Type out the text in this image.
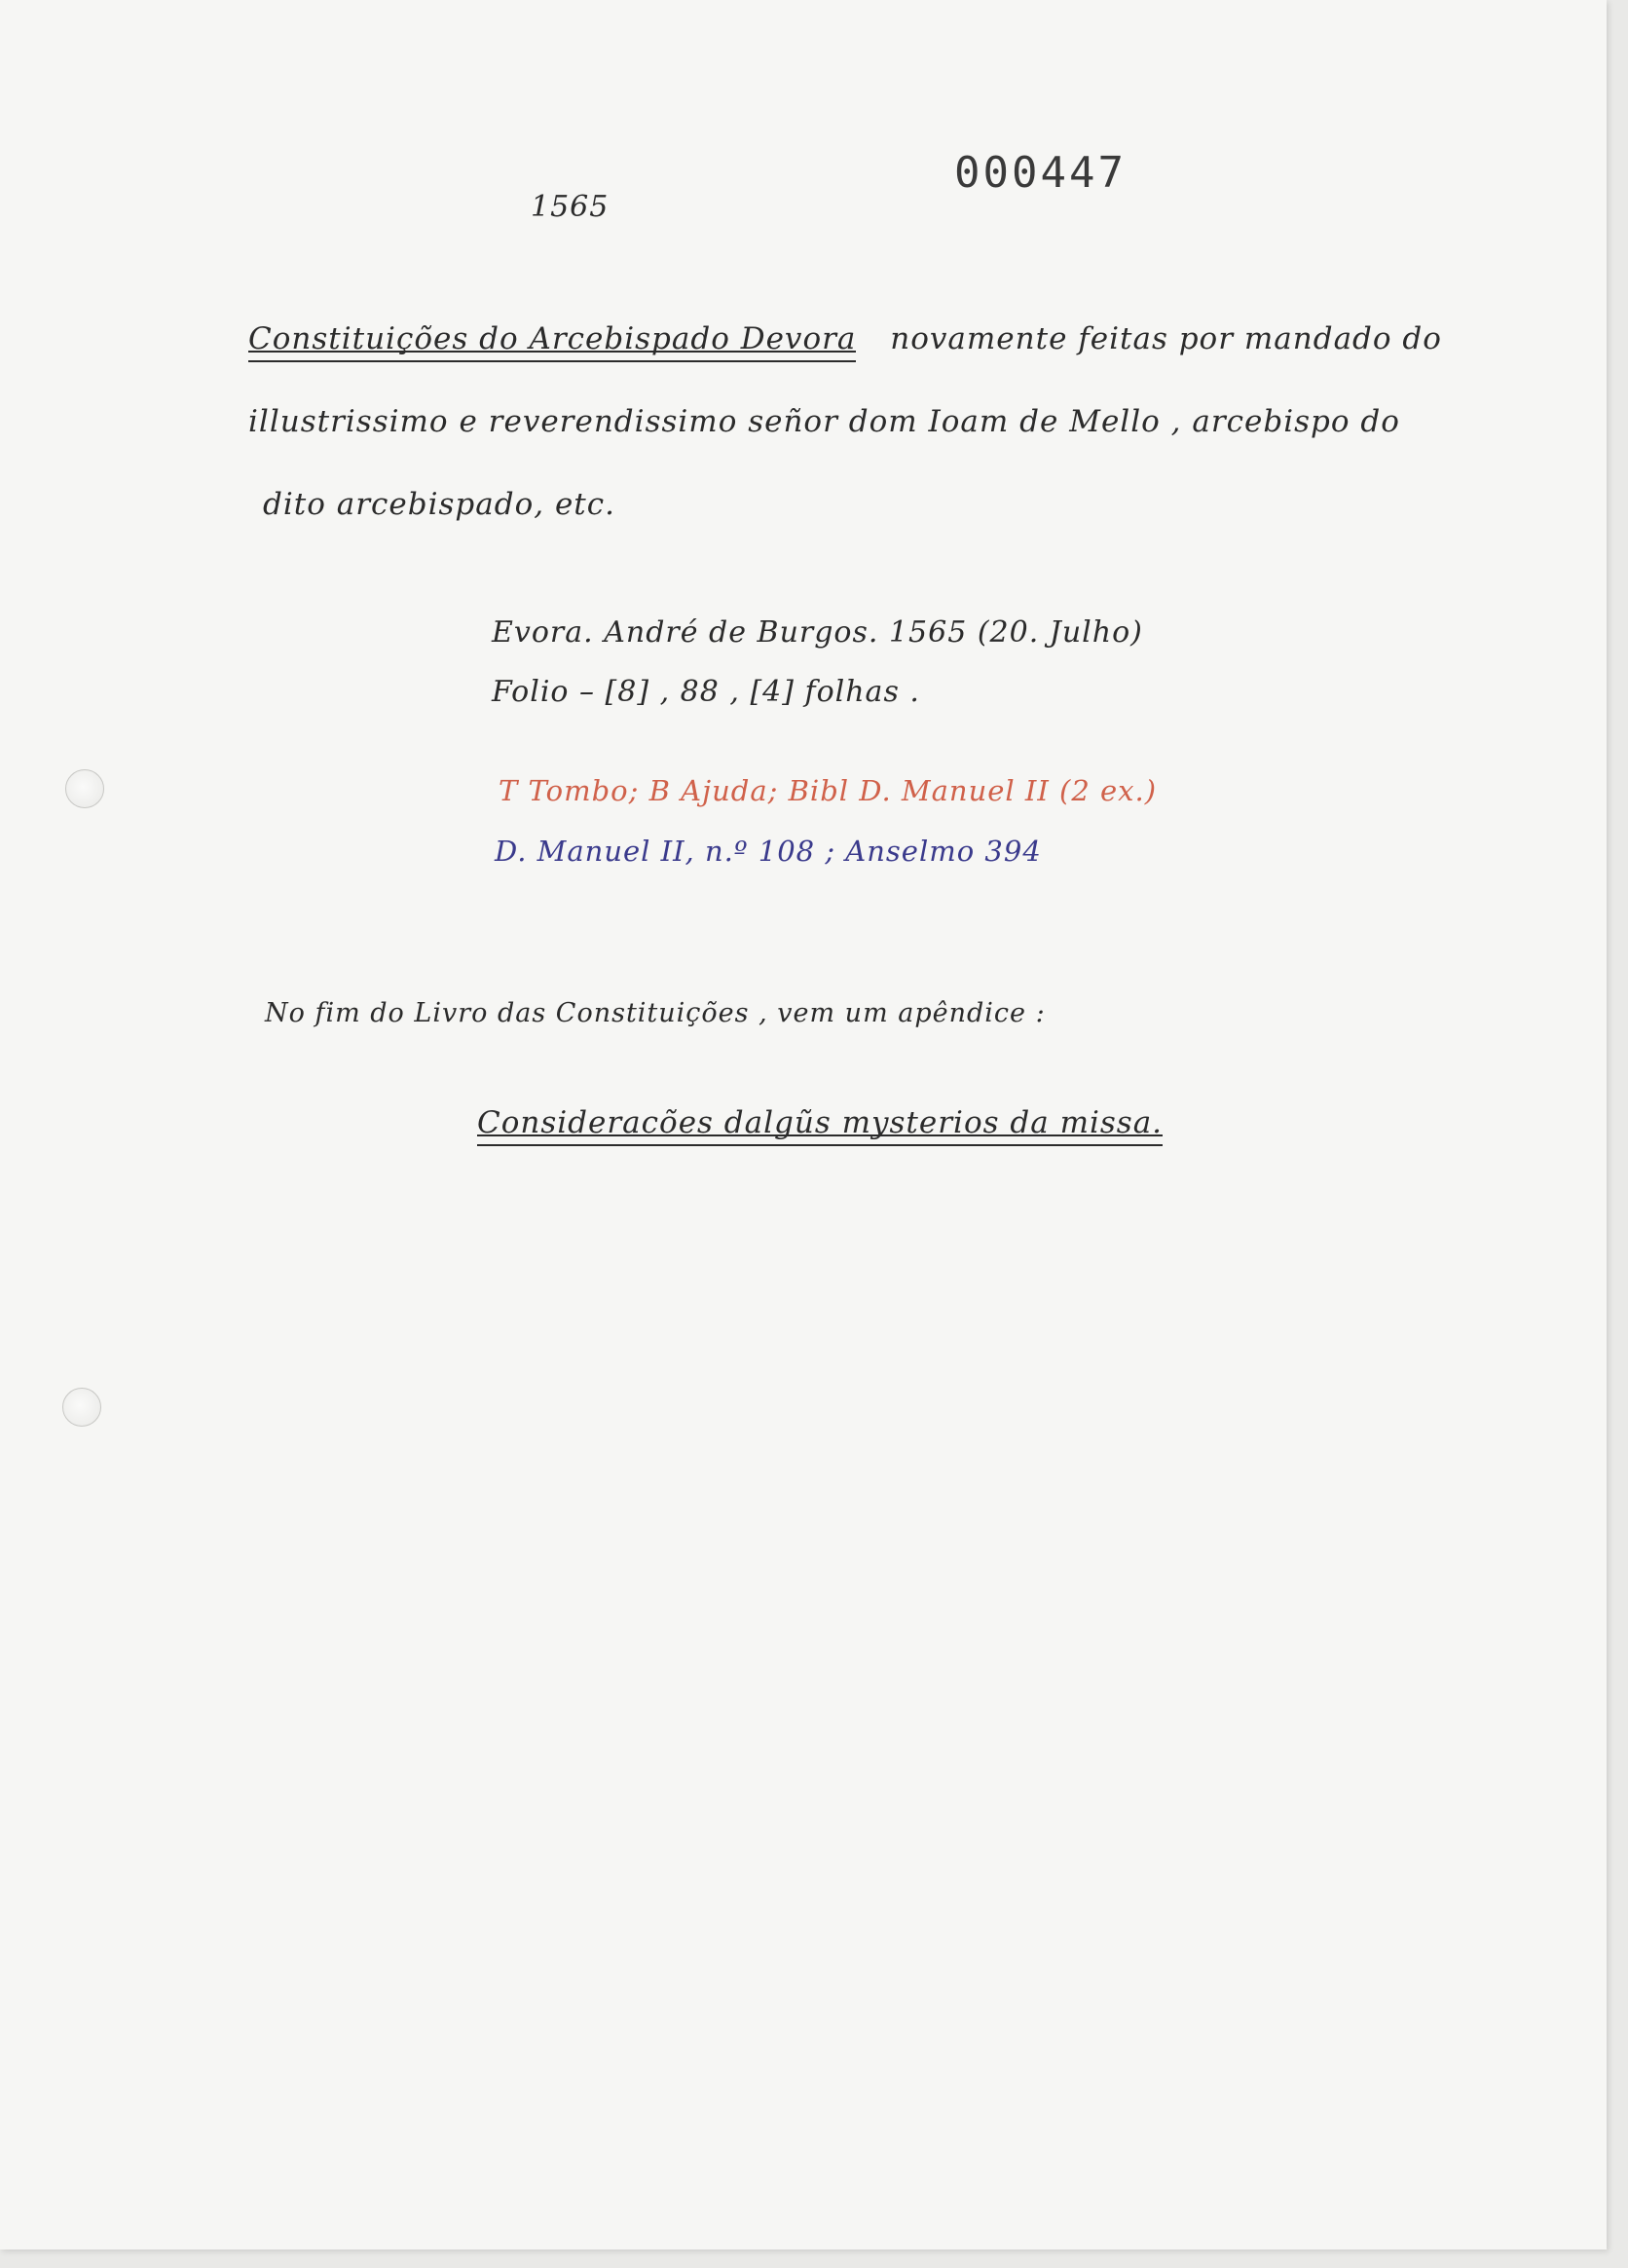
000447
1565
Constituições do Arcebispado Devora novamente feitas por mandado do
illustrissimo e reverendissimo señor dom Ioam de Mello , arcebispo do
dito arcebispado, etc.
Evora. André de Burgos. 1565 (20. Julho)
Folio – [8] , 88 , [4] folhas .
T Tombo; B Ajuda; Bibl D. Manuel II (2 ex.)
D. Manuel II, n.º 108 ; Anselmo 394
No fim do Livro das Constituições , vem um apêndice :
Consideracões dalgũs mysterios da missa.
